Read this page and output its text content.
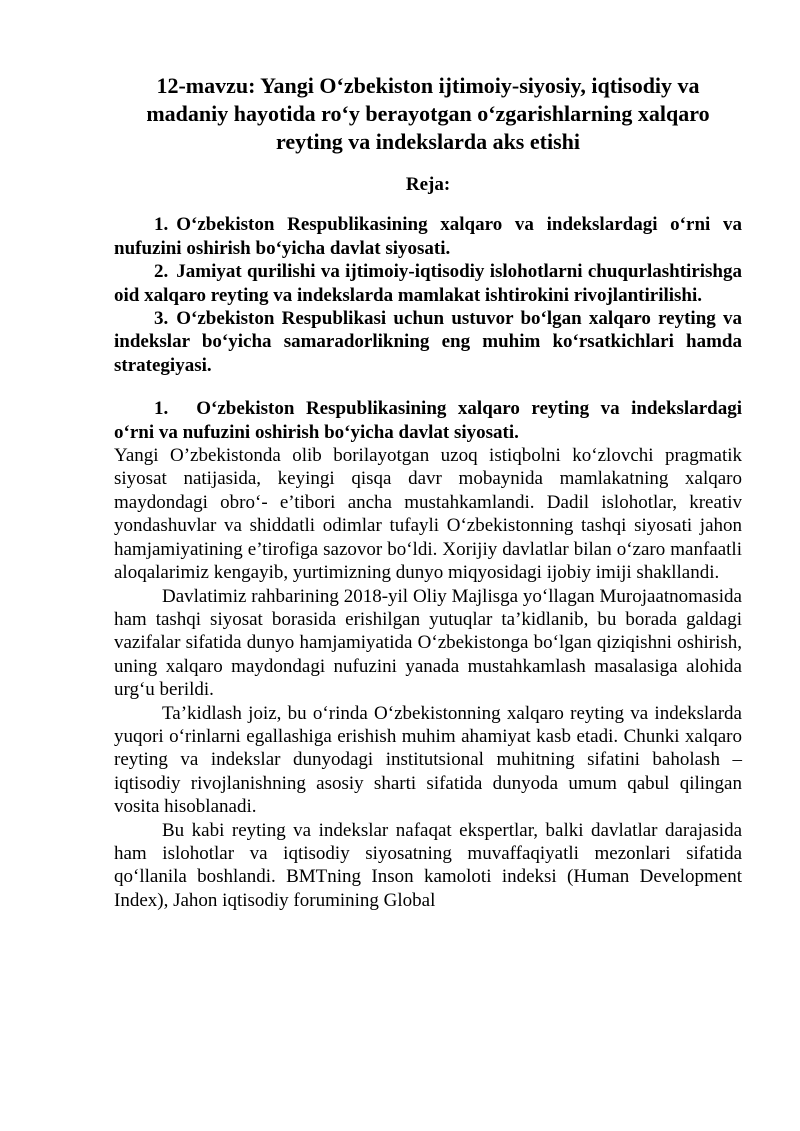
12-mavzu: Yangi O‘zbekiston ijtimoiy-siyosiy, iqtisodiy va madaniy hayotida ro‘y berayotgan o‘zgarishlarning xalqaro reyting va indekslarda aks etishi
Reja:

1. O‘zbekiston Respublikasining xalqaro va indekslardagi o‘rni va nufuzini oshirish bo‘yicha davlat siyosati.

2. Jamiyat qurilishi va ijtimoiy-iqtisodiy islohotlarni chuqurlashtirishga oid xalqaro reyting va indekslarda mamlakat ishtirokini rivojlantirilishi.

3. O‘zbekiston Respublikasi uchun ustuvor bo‘lgan xalqaro reyting va indekslar bo‘yicha samaradorlikning eng muhim ko‘rsatkichlari hamda strategiyasi.

1. O‘zbekiston Respublikasining xalqaro reyting va indekslardagi o‘rni va nufuzini oshirish bo‘yicha davlat siyosati.

Yangi O’zbekistonda olib borilayotgan uzoq istiqbolni ko‘zlovchi pragmatik siyosat natijasida, keyingi qisqa davr mobaynida mamlakatning xalqaro maydondagi obro‘- e’tibori ancha mustahkamlandi. Dadil islohotlar, kreativ yondashuvlar va shiddatli odimlar tufayli O‘zbekistonning tashqi siyosati jahon hamjamiyatining e’tirofiga sazovor bo‘ldi. Xorijiy davlatlar bilan o‘zaro manfaatli aloqalarimiz kengayib, yurtimizning dunyo miqyosidagi ijobiy imiji shakllandi.

Davlatimiz rahbarining 2018-yil Oliy Majlisga yo‘llagan Murojaatnomasida ham tashqi siyosat borasida erishilgan yutuqlar ta’kidlanib, bu borada galdagi vazifalar sifatida dunyo hamjamiyatida O‘zbekistonga bo‘lgan qiziqishni oshirish, uning xalqaro maydondagi nufuzini yanada mustahkamlash masalasiga alohida urg‘u berildi.

Ta’kidlash joiz, bu o‘rinda O‘zbekistonning xalqaro reyting va indekslarda yuqori o‘rinlarni egallashiga erishish muhim ahamiyat kasb etadi. Chunki xalqaro reyting va indekslar dunyodagi institutsional muhitning sifatini baholash – iqtisodiy rivojlanishning asosiy sharti sifatida dunyoda umum qabul qilingan vosita hisoblanadi.

Bu kabi reyting va indekslar nafaqat ekspertlar, balki davlatlar darajasida ham islohotlar va iqtisodiy siyosatning muvaffaqiyatli mezonlari sifatida qo‘llanila boshlandi. BMTning Inson kamoloti indeksi (Human Development Index), Jahon iqtisodiy forumining Global
